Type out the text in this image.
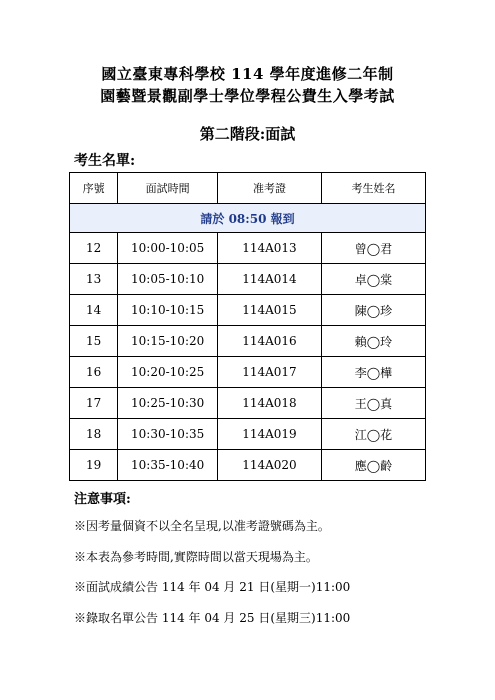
國立臺東專科學校 114 學年度進修二年制
園藝暨景觀副學士學位學程公費生入學考試
第二階段:面試
考生名單:
序號	面試時間	准考證	考生姓名
請於 08:50 報到			
12	10:00-10:05	114A013	曾◯君
13	10:05-10:10	114A014	卓◯棠
14	10:10-10:15	114A015	陳◯珍
15	10:15-10:20	114A016	賴◯玲
16	10:20-10:25	114A017	李◯樺
17	10:25-10:30	114A018	王◯真
18	10:30-10:35	114A019	江◯花
19	10:35-10:40	114A020	應◯齡
注意事項:
※因考量個資不以全名呈現,以准考證號碼為主。
※本表為參考時間,實際時間以當天現場為主。
※面試成績公告 114 年 04 月 21 日(星期一)11:00
※錄取名單公告 114 年 04 月 25 日(星期三)11:00
